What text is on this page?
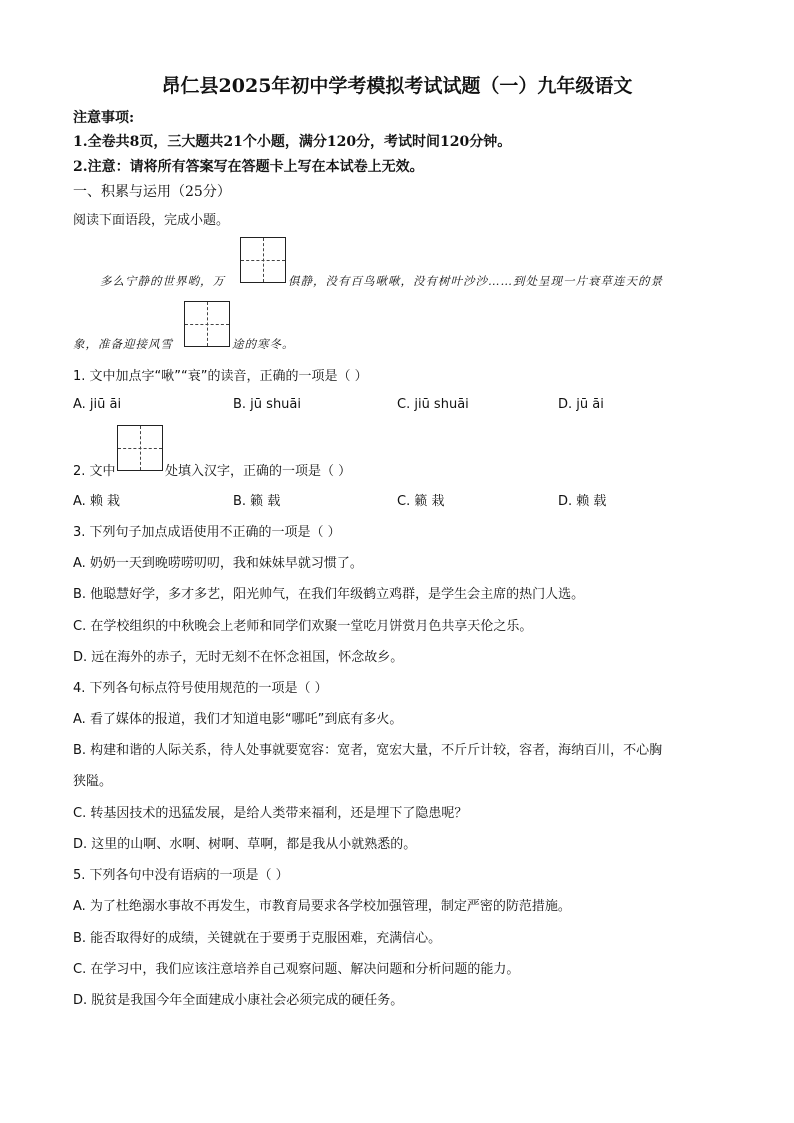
昂仁县2025年初中学考模拟考试试题（一）九年级语文
注意事项:
1.全卷共8页，三大题共21个小题，满分120分，考试时间120分钟。
2.注意：请将所有答案写在答题卡上写在本试卷上无效。
一、积累与运用（25分）
阅读下面语段，完成小题。
多么宁静的世界哟，万	俱静，没有百鸟啾啾，没有树叶沙沙……到处呈现一片衰草连天的景
象，准备迎接风雪	途的寒冬。
1. 文中加点字“啾”“衰”的读音，正确的一项是（ ）
A. jiū āi	B. jū shuāi	C. jiū shuāi	D. jū āi
2. 文中	处填入汉字，正确的一项是（ ）
A. 赖 栽	B. 籁 载	C. 籁 栽	D. 赖 载
3. 下列句子加点成语使用不正确的一项是（ ）
A. 奶奶一天到晚唠唠叨叨，我和妹妹早就习惯了。
B. 他聪慧好学，多才多艺，阳光帅气，在我们年级鹤立鸡群，是学生会主席的热门人选。
C. 在学校组织的中秋晚会上老师和同学们欢聚一堂吃月饼赏月色共享天伦之乐。
D. 远在海外的赤子，无时无刻不在怀念祖国，怀念故乡。
4. 下列各句标点符号使用规范的一项是（ ）
A. 看了媒体的报道，我们才知道电影“哪吒”到底有多火。
B. 构建和谐的人际关系，待人处事就要宽容：宽者，宽宏大量，不斤斤计较，容者，海纳百川，不心胸
狭隘。
C. 转基因技术的迅猛发展，是给人类带来福利，还是埋下了隐患呢？
D. 这里的山啊、水啊、树啊、草啊，都是我从小就熟悉的。
5. 下列各句中没有语病的一项是（ ）
A. 为了杜绝溺水事故不再发生，市教育局要求各学校加强管理，制定严密的防范措施。
B. 能否取得好的成绩，关键就在于要勇于克服困难，充满信心。
C. 在学习中，我们应该注意培养自己观察问题、解决问题和分析问题的能力。
D. 脱贫是我国今年全面建成小康社会必须完成的硬任务。
